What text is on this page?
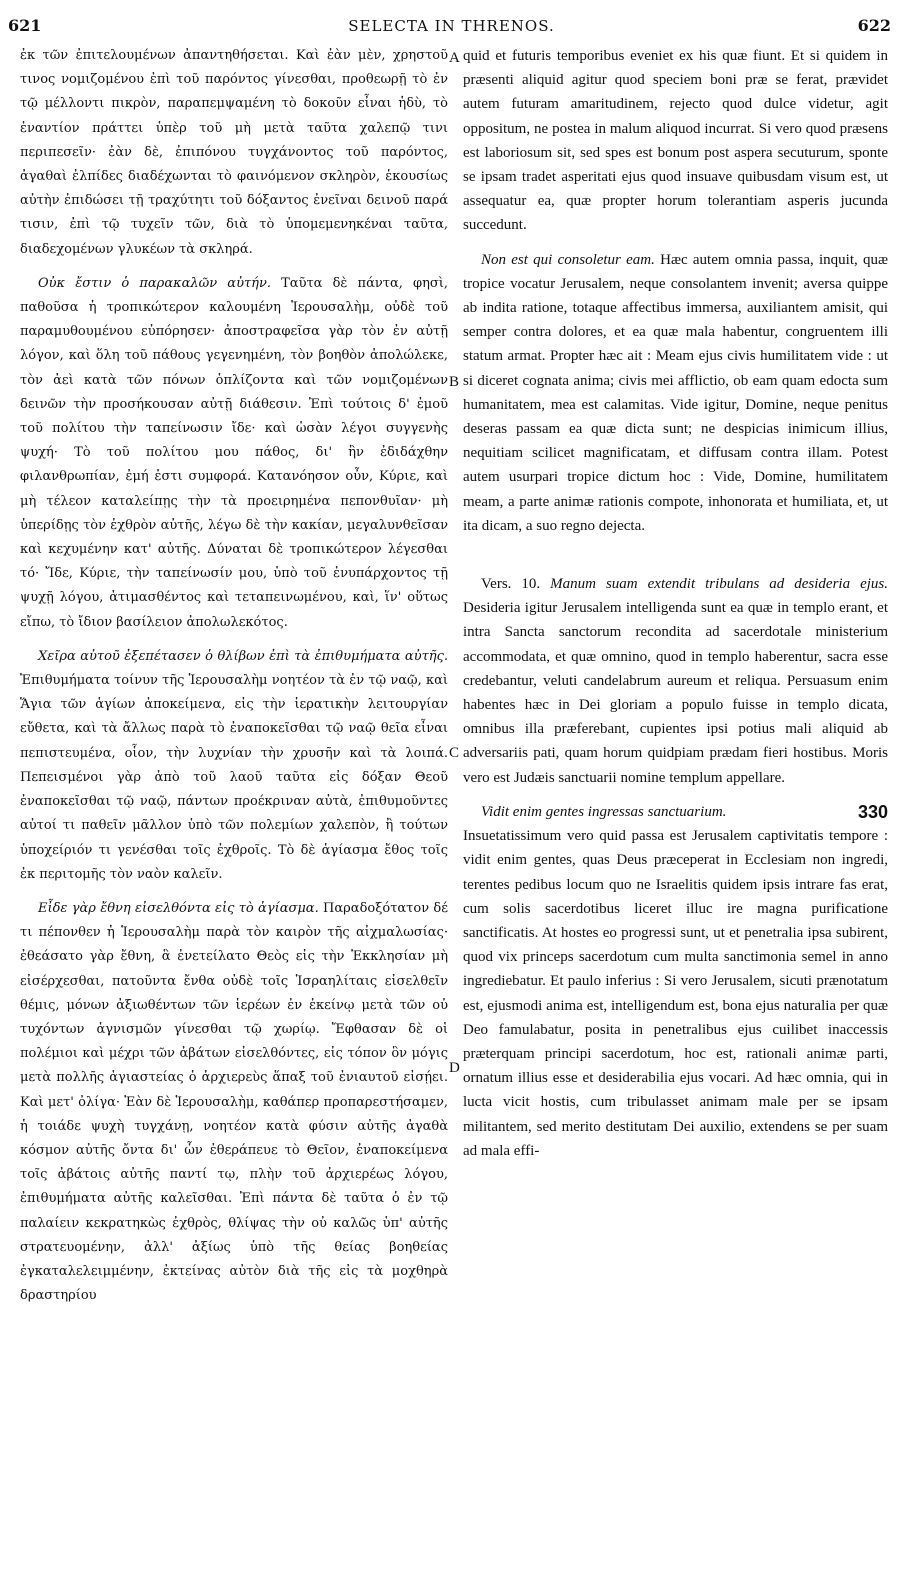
621	SELECTA IN THRENOS.	622
A
B
C
D

ἐκ τῶν ἐπιτελουμένων ἀπαντηθήσεται. Καὶ ἐὰν μὲν, χρηστοῦ τινος νομιζομένου ἐπὶ τοῦ παρόντος γίνεσθαι, προθεωρῇ τὸ ἐν τῷ μέλλοντι πικρὸν, παραπεμψαμένη τὸ δοκοῦν εἶναι ἡδὺ, τὸ ἐναντίον πράττει ὑπὲρ τοῦ μὴ μετὰ ταῦτα χαλεπῷ τινι περιπεσεῖν· ἐὰν δὲ, ἐπιπόνου τυγχάνοντος τοῦ παρόντος, ἀγαθαὶ ἐλπίδες διαδέχωνται τὸ φαινόμενον σκληρὸν, ἑκουσίως αὐτὴν ἐπιδώσει τῇ τραχύτητι τοῦ δόξαντος ἐνεῖναι δεινοῦ παρά τισιν, ἐπὶ τῷ τυχεῖν τῶν, διὰ τὸ ὑπομεμενηκέναι ταῦτα, διαδεχομένων γλυκέων τὰ σκληρά.

Οὐκ ἔστιν ὁ παρακαλῶν αὐτήν. Ταῦτα δὲ πάντα, φησὶ, παθοῦσα ἡ τροπικώτερον καλουμένη Ἱερουσαλὴμ, οὐδὲ τοῦ παραμυθουμένου εὐπόρησεν· ἀποστραφεῖσα γὰρ τὸν ἐν αὐτῇ λόγον, καὶ ὅλη τοῦ πάθους γεγενημένη, τὸν βοηθὸν ἀπολώλεκε, τὸν ἀεὶ κατὰ τῶν πόνων ὁπλίζοντα καὶ τῶν νομιζομένων δεινῶν τὴν προσήκουσαν αὐτῇ διάθεσιν. Ἐπὶ τούτοις δ' ἐμοῦ τοῦ πολίτου τὴν ταπείνωσιν ἴδε· καὶ ὡσὰν λέγοι συγγενὴς ψυχή· Τὸ τοῦ πολίτου μου πάθος, δι' ἣν ἐδιδάχθην φιλανθρωπίαν, ἐμή ἐστι συμφορά. Κατανόησον οὖν, Κύριε, καὶ μὴ τέλεον καταλείπῃς τὴν τὰ προειρημένα πεπονθυῖαν· μὴ ὑπερίδῃς τὸν ἐχθρὸν αὐτῆς, λέγω δὲ τὴν κακίαν, μεγαλυνθεῖσαν καὶ κεχυμένην κατ' αὐτῆς. Δύναται δὲ τροπικώτερον λέγεσθαι τό· Ἴδε, Κύριε, τὴν ταπείνωσίν μου, ὑπὸ τοῦ ἐνυπάρχοντος τῇ ψυχῇ λόγου, ἀτιμασθέντος καὶ τεταπεινωμένου, καὶ, ἵν' οὕτως εἴπω, τὸ ἴδιον βασίλειον ἀπολωλεκότος.

Χεῖρα αὐτοῦ ἐξεπέτασεν ὁ θλίβων ἐπὶ τὰ ἐπιθυμήματα αὐτῆς. Ἐπιθυμήματα τοίνυν τῆς Ἱερουσαλὴμ νοητέον τὰ ἐν τῷ ναῷ, καὶ Ἅγια τῶν ἁγίων ἀποκείμενα, εἰς τὴν ἱερατικὴν λειτουργίαν εὔθετα, καὶ τὰ ἄλλως παρὰ τὸ ἐναποκεῖσθαι τῷ ναῷ θεῖα εἶναι πεπιστευμένα, οἷον, τὴν λυχνίαν τὴν χρυσῆν καὶ τὰ λοιπά. Πεπεισμένοι γὰρ ἀπὸ τοῦ λαοῦ ταῦτα εἰς δόξαν Θεοῦ ἐναποκεῖσθαι τῷ ναῷ, πάντων προέκριναν αὐτὰ, ἐπιθυμοῦντες αὐτοί τι παθεῖν μᾶλλον ὑπὸ τῶν πολεμίων χαλεπὸν, ἢ τούτων ὑποχείριόν τι γενέσθαι τοῖς ἐχθροῖς. Τὸ δὲ ἁγίασμα ἔθος τοῖς ἐκ περιτομῆς τὸν ναὸν καλεῖν.

Εἶδε γὰρ ἔθνη εἰσελθόντα εἰς τὸ ἁγίασμα. Παραδοξότατον δέ τι πέπονθεν ἡ Ἱερουσαλὴμ παρὰ τὸν καιρὸν τῆς αἰχμαλωσίας· ἐθεάσατο γὰρ ἔθνη, ἃ ἐνετείλατο Θεὸς εἰς τὴν Ἐκκλησίαν μὴ εἰσέρχεσθαι, πατοῦντα ἔνθα οὐδὲ τοῖς Ἰσραηλίταις εἰσελθεῖν θέμις, μόνων ἀξιωθέντων τῶν ἱερέων ἐν ἐκείνῳ μετὰ τῶν οὐ τυχόντων ἁγνισμῶν γίνεσθαι τῷ χωρίῳ. Ἔφθασαν δὲ οἱ πολέμιοι καὶ μέχρι τῶν ἀβάτων εἰσελθόντες, εἰς τόπον ὃν μόγις μετὰ πολλῆς ἁγιαστείας ὁ ἀρχιερεὺς ἅπαξ τοῦ ἐνιαυτοῦ εἰσῄει. Καὶ μετ' ὀλίγα· Ἐὰν δὲ Ἱερουσαλὴμ, καθάπερ προπαρεστήσαμεν, ἡ τοιάδε ψυχὴ τυγχάνῃ, νοητέον κατὰ φύσιν αὐτῆς ἀγαθὰ κόσμον αὐτῆς ὄντα δι' ὧν ἐθεράπευε τὸ Θεῖον, ἐναποκείμενα τοῖς ἀβάτοις αὐτῆς παντί τῳ, πλὴν τοῦ ἀρχιερέως λόγου, ἐπιθυμήματα αὐτῆς καλεῖσθαι. Ἐπὶ πάντα δὲ ταῦτα ὁ ἐν τῷ παλαίειν κεκρατηκὼς ἐχθρὸς, θλίψας τὴν οὐ καλῶς ὑπ' αὐτῆς στρατευομένην, ἀλλ' ἀξίως ὑπὸ τῆς θείας βοηθείας ἐγκαταλελειμμένην, ἐκτείνας αὐτὸν διὰ τῆς εἰς τὰ μοχθηρὰ δραστηρίου

quid et futuris temporibus eveniet ex his quæ fiunt. Et si quidem in præsenti aliquid agitur quod speciem boni præ se ferat, prævidet autem futuram amaritudinem, rejecto quod dulce videtur, agit oppositum, ne postea in malum aliquod incurrat. Si vero quod præsens est laboriosum sit, sed spes est bonum post aspera secuturum, sponte se ipsam tradet asperitati ejus quod insuave quibusdam visum est, ut assequatur ea, quæ propter horum tolerantiam asperis jucunda succedunt.

Non est qui consoletur eam. Hæc autem omnia passa, inquit, quæ tropice vocatur Jerusalem, neque consolantem invenit; aversa quippe ab indita ratione, totaque affectibus immersa, auxiliantem amisit, qui semper contra dolores, et ea quæ mala habentur, congruentem illi statum armat. Propter hæc ait : Meam ejus civis humilitatem vide : ut si diceret cognata anima; civis mei afflictio, ob eam quam edocta sum humanitatem, mea est calamitas. Vide igitur, Domine, neque penitus deseras passam ea quæ dicta sunt; ne despicias inimicum illius, nequitiam scilicet magnificatam, et diffusam contra illam. Potest autem usurpari tropice dictum hoc : Vide, Domine, humilitatem meam, a parte animæ rationis compote, inhonorata et humiliata, et, ut ita dicam, a suo regno dejecta.

Vers. 10. Manum suam extendit tribulans ad desideria ejus. Desideria igitur Jerusalem intelligenda sunt ea quæ in templo erant, et intra Sancta sanctorum recondita ad sacerdotale ministerium accommodata, et quæ omnino, quod in templo haberentur, sacra esse credebantur, veluti candelabrum aureum et reliqua. Persuasum enim habentes hæc in Dei gloriam a populo fuisse in templo dicata, omnibus illa præferebant, cupientes ipsi potius mali aliquid ab adversariis pati, quam horum quidpiam prædam fieri hostibus. Moris vero est Judæis sanctuarii nomine templum appellare.

330
Vidit enim gentes ingressas sanctuarium.
Insuetatissimum vero quid passa est Jerusalem captivitatis tempore : vidit enim gentes, quas Deus præceperat in Ecclesiam non ingredi, terentes pedibus locum quo ne Israelitis quidem ipsis intrare fas erat, cum solis sacerdotibus liceret illuc ire magna purificatione sanctificatis. At hostes eo progressi sunt, ut et penetralia ipsa subirent, quod vix princeps sacerdotum cum multa sanctimonia semel in anno ingrediebatur. Et paulo inferius : Si vero Jerusalem, sicuti prænotatum est, ejusmodi anima est, intelligendum est, bona ejus naturalia per quæ Deo famulabatur, posita in penetralibus ejus cuilibet inaccessis præterquam principi sacerdotum, hoc est, rationali animæ parti, ornatum illius esse et desiderabilia ejus vocari. Ad hæc omnia, qui in lucta vicit hostis, cum tribulasset animam male per se ipsam militantem, sed merito destitutam Dei auxilio, extendens se per suam ad mala effi-
